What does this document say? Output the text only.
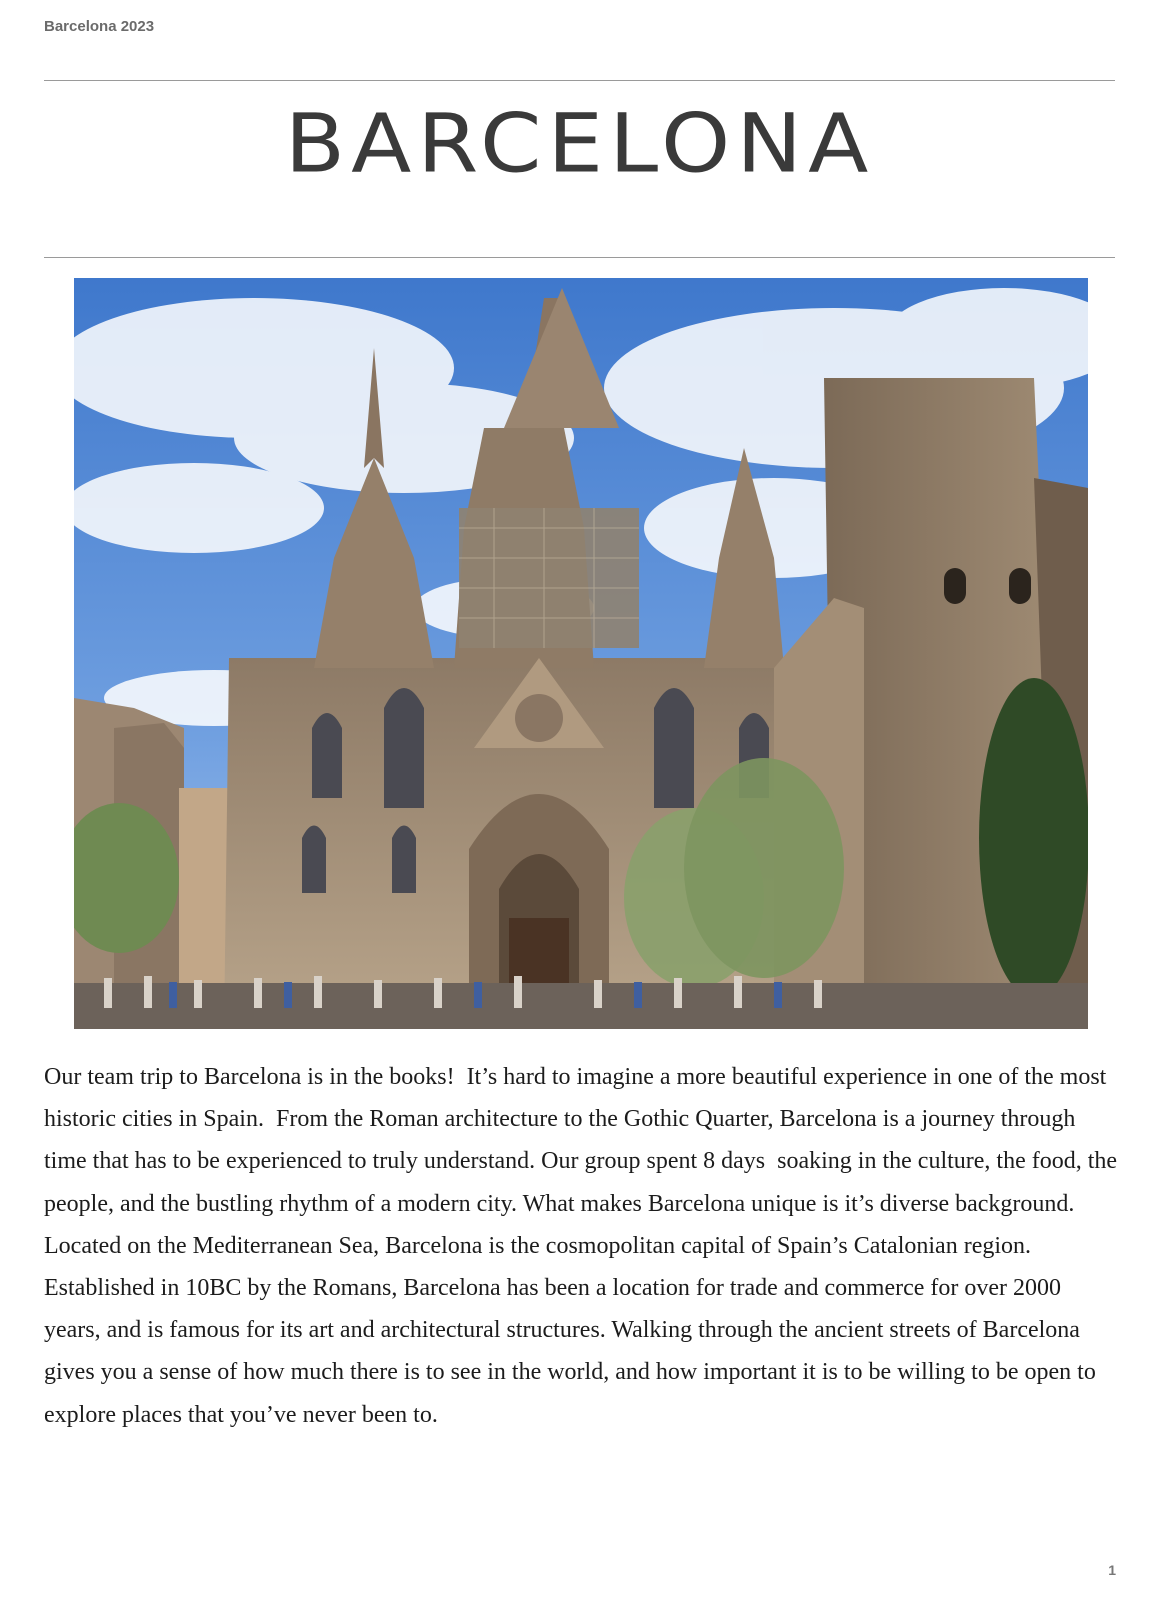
Barcelona 2023
BARCELONA

Our team trip to Barcelona is in the books!  It’s hard to imagine a more beautiful experience in one of the most historic cities in Spain.  From the Roman architecture to the Gothic Quarter, Barcelona is a journey through time that has to be experienced to truly understand. Our group spent 8 days  soaking in the culture, the food, the people, and the bustling rhythm of a modern city. What makes Barcelona unique is it’s diverse background. Located on the Mediterranean Sea, Barcelona is the cosmopolitan capital of Spain’s Catalonian region. Established in 10BC by the Romans, Barcelona has been a location for trade and commerce for over 2000 years, and is famous for its art and architectural structures. Walking through the ancient streets of Barcelona gives you a sense of how much there is to see in the world, and how important it is to be willing to be open to explore places that you’ve never been to.

1
